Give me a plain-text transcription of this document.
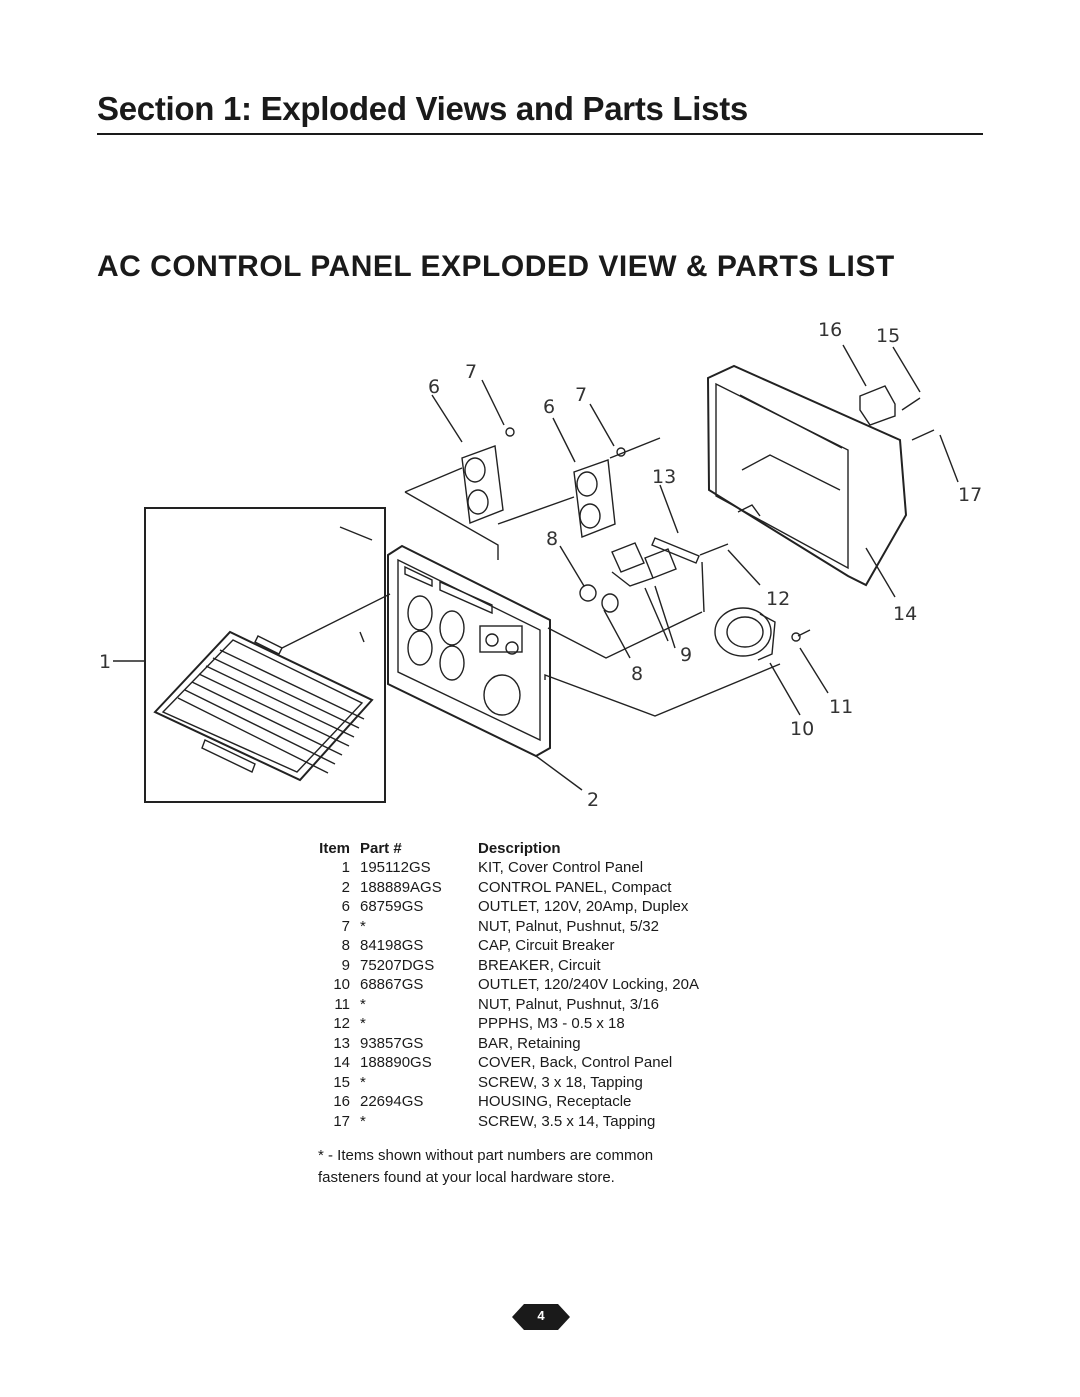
Section 1: Exploded Views and Parts Lists
AC CONTROL PANEL EXPLODED VIEW & PARTS LIST
1
2
6
7
6
7
8
8
9
10
11
12
13
14
15
16
17
Item	Part #	Description
1	195112GS	KIT, Cover Control Panel
2	188889AGS	CONTROL PANEL, Compact
6	68759GS	OUTLET, 120V, 20Amp, Duplex
7	*	NUT, Palnut, Pushnut, 5/32
8	84198GS	CAP, Circuit Breaker
9	75207DGS	BREAKER, Circuit
10	68867GS	OUTLET, 120/240V Locking, 20A
11	*	NUT, Palnut, Pushnut, 3/16
12	*	PPPHS, M3 - 0.5 x 18
13	93857GS	BAR, Retaining
14	188890GS	COVER, Back, Control Panel
15	*	SCREW, 3 x 18, Tapping
16	22694GS	HOUSING, Receptacle
17	*	SCREW, 3.5 x 14, Tapping

* - Items shown without part numbers are common fasteners found at your local hardware store.

4
